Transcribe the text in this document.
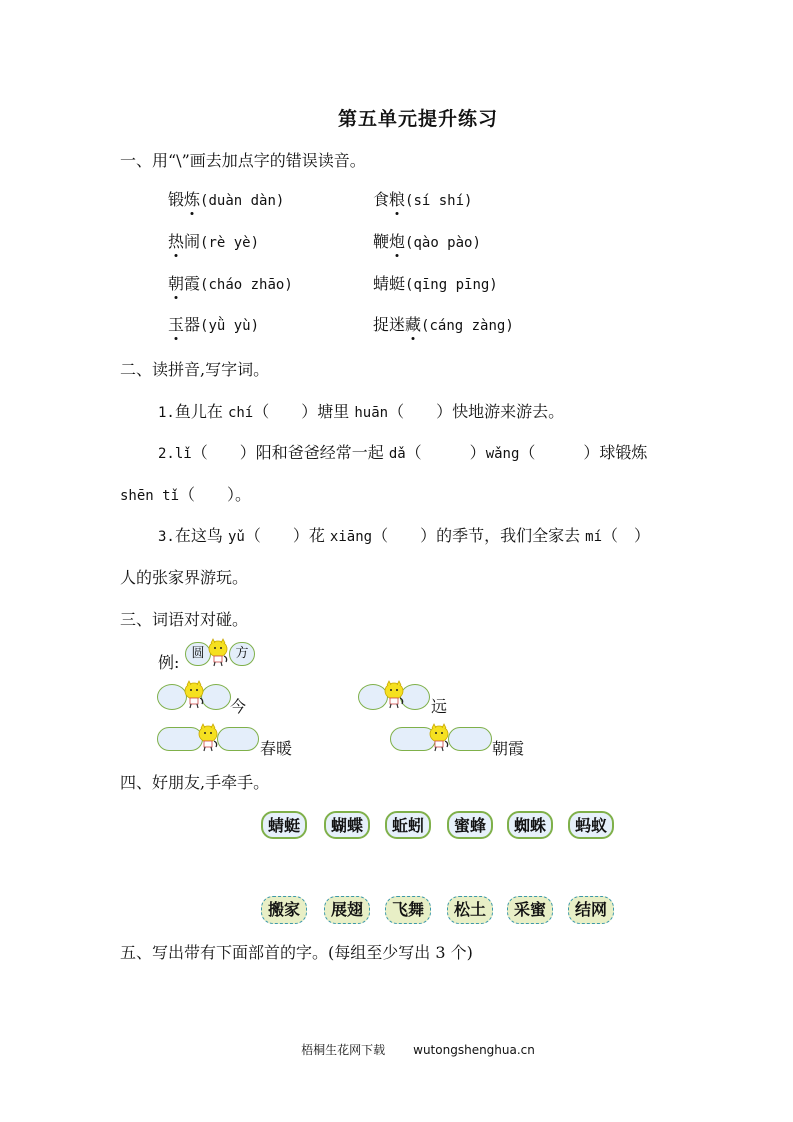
第五单元提升练习
一、用“\”画去加点字的错误读音。
锻炼(duàn dàn)	食粮(sí shí)
热闹(rè yè)	鞭炮(qào pào)
朝霞(cháo zhāo)	蜻蜓(qīng pīng)
玉器(yǜ yù)	捉迷藏(cáng zàng)
二、读拼音,写字词。
1.鱼儿在 chí（　　）塘里 huān（　　）快地游来游去。
2.lǐ（　　）阳和爸爸经常一起 dǎ（　　　）wǎng（　　　）球锻炼
shēn tǐ（　　）。
3.在这鸟 yǔ（　　）花 xiāng（　　）的季节，我们全家去 mí（　）
人的张家界游玩。
三、词语对对碰。
例: 圆	方
今	远
春暖	朝霞
四、好朋友,手牵手。
蜻蜓	蝴蝶	蚯蚓	蜜蜂	蜘蛛	蚂蚁
搬家	展翅	飞舞	松土	采蜜	结网
五、写出带有下面部首的字。(每组至少写出 3 个)
梧桐生花网下载 wutongshenghua.cn
